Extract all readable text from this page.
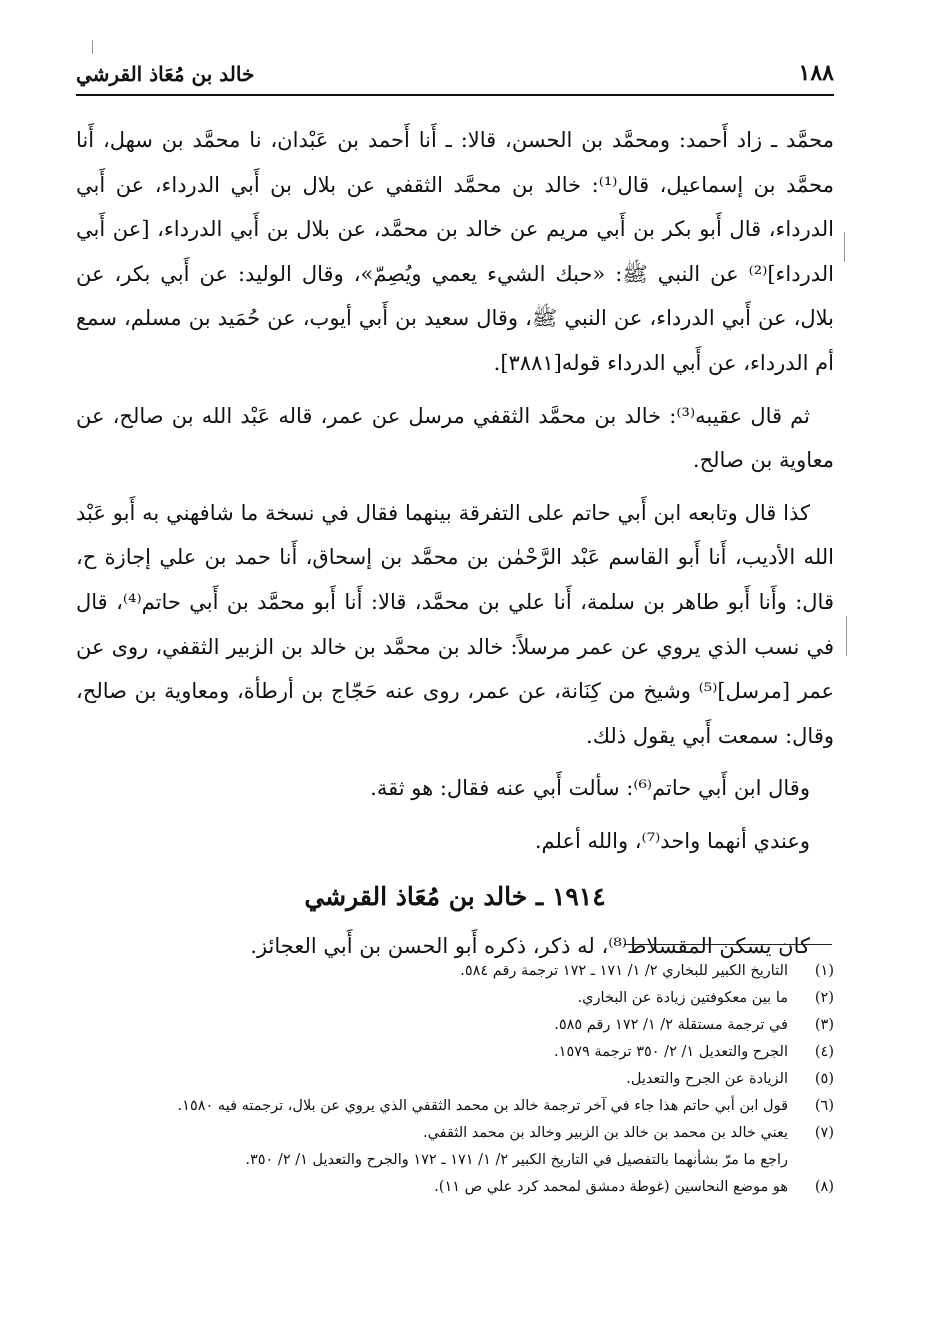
١٨٨
خالد بن مُعَاذ القرشي

محمَّد ـ زاد أَحمد: ومحمَّد بن الحسن، قالا: ـ أَنا أَحمد بن عَبْدان، نا محمَّد بن سهل، أَنا محمَّد بن إسماعيل، قال⁽¹⁾: خالد بن محمَّد الثقفي عن بلال بن أَبي الدرداء، عن أَبي الدرداء، قال أَبو بكر بن أَبي مريم عن خالد بن محمَّد، عن بلال بن أَبي الدرداء، [عن أَبي الدرداء]⁽²⁾ عن النبي ﷺ: «حبك الشيء يعمي ويُصِمّ»، وقال الوليد: عن أَبي بكر، عن بلال، عن أَبي الدرداء، عن النبي ﷺ، وقال سعيد بن أَبي أيوب، عن حُمَيد بن مسلم، سمع أم الدرداء، عن أَبي الدرداء قوله[٣٨٨١].

ثم قال عقيبه⁽³⁾: خالد بن محمَّد الثقفي مرسل عن عمر، قاله عَبْد الله بن صالح، عن معاوية بن صالح.

كذا قال وتابعه ابن أَبي حاتم على التفرقة بينهما فقال في نسخة ما شافهني به أَبو عَبْد الله الأديب، أَنا أَبو القاسم عَبْد الرَّحْمٰن بن محمَّد بن إسحاق، أَنا حمد بن علي إجازة ح، قال: وأَنا أَبو طاهر بن سلمة، أَنا علي بن محمَّد، قالا: أَنا أَبو محمَّد بن أَبي حاتم⁽⁴⁾، قال في نسب الذي يروي عن عمر مرسلاً: خالد بن محمَّد بن خالد بن الزبير الثقفي، روى عن عمر [مرسل]⁽⁵⁾ وشيخ من كِنَانة، عن عمر، روى عنه حَجّاج بن أرطأة، ومعاوية بن صالح، وقال: سمعت أَبي يقول ذلك.

وقال ابن أَبي حاتم⁽⁶⁾: سألت أَبي عنه فقال: هو ثقة.

وعندي أنهما واحد⁽⁷⁾، والله أعلم.

١٩١٤ ـ خالد بن مُعَاذ القرشي

كان يسكن المقسلاط⁽⁸⁾، له ذكر، ذكره أَبو الحسن بن أَبي العجائز.

(١)
التاريخ الكبير للبخاري ٢/ ١/ ١٧١ ـ ١٧٢ ترجمة رقم ٥٨٤.
(٢)
ما بين معكوفتين زيادة عن البخاري.
(٣)
في ترجمة مستقلة ٢/ ١/ ١٧٢ رقم ٥٨٥.
(٤)
الجرح والتعديل ١/ ٢/ ٣٥٠ ترجمة ١٥٧٩.
(٥)
الزيادة عن الجرح والتعديل.
(٦)
قول ابن أبي حاتم هذا جاء في آخر ترجمة خالد بن محمد الثقفي الذي يروي عن بلال، ترجمته فيه ١٥٨٠.
(٧)
يعني خالد بن محمد بن خالد بن الزبير وخالد بن محمد الثقفي.
راجع ما مرّ بشأنهما بالتفصيل في التاريخ الكبير ٢/ ١/ ١٧١ ـ ١٧٢ والجرح والتعديل ١/ ٢/ ٣٥٠.
(٨)
هو موضع النحاسين (غوطة دمشق لمحمد كرد علي ص ١١).
